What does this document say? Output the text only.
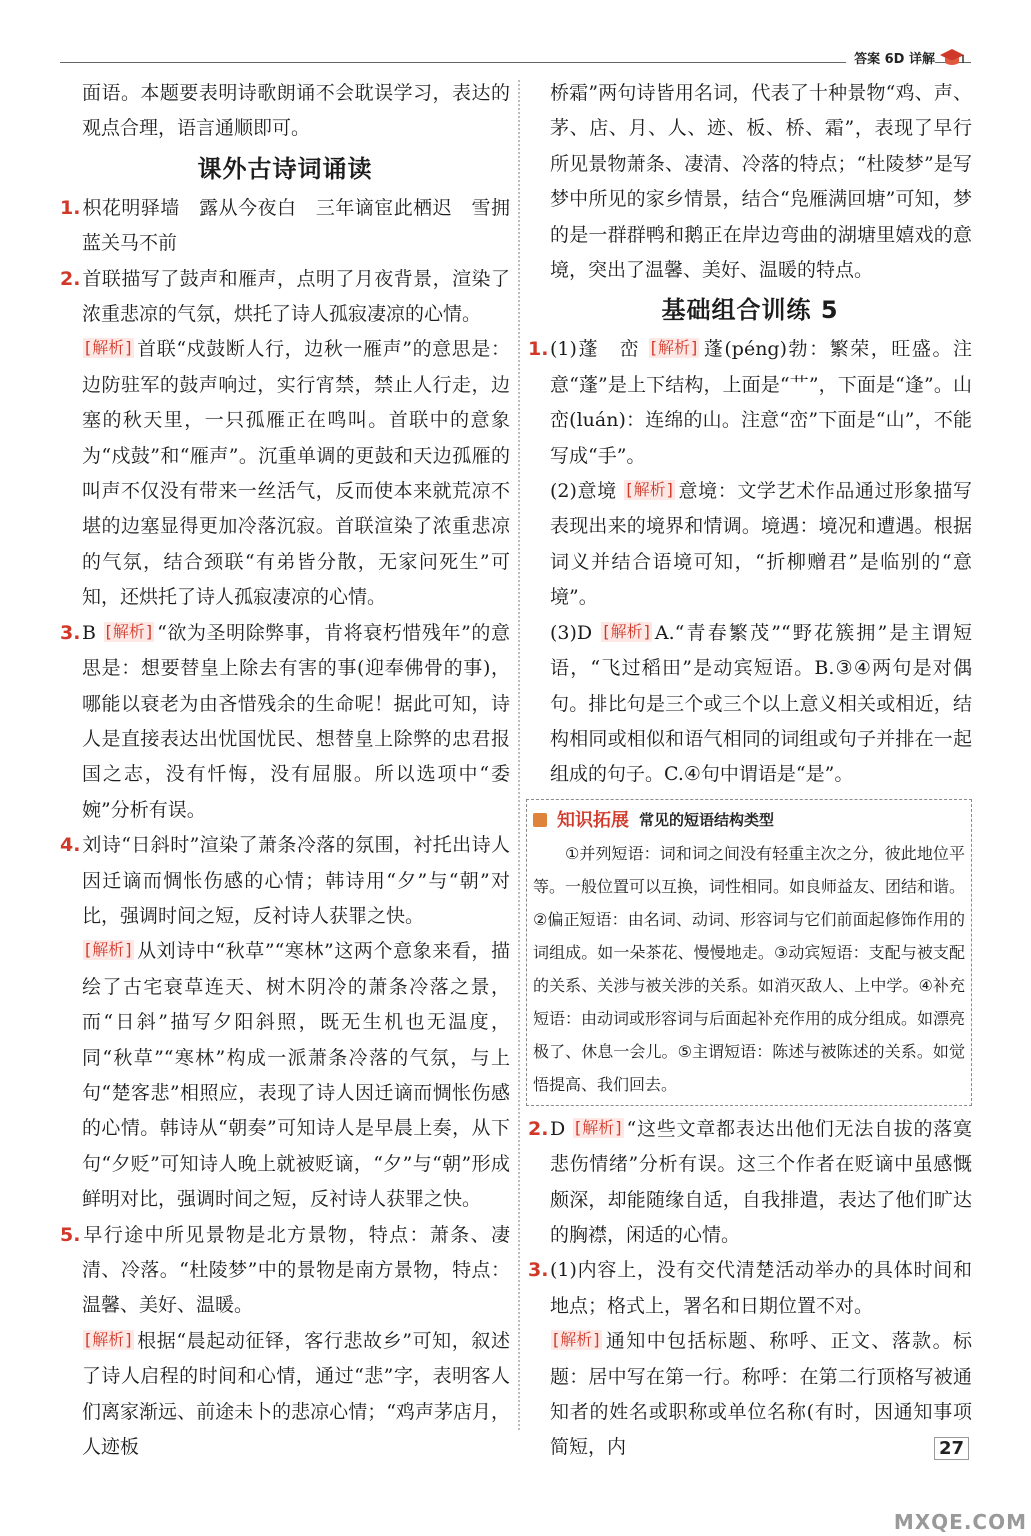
答案 6D 详解

面语。本题要表明诗歌朗诵不会耽误学习，表达的观点合理，语言通顺即可。

课外古诗词诵读

1.枳花明驿墙　露从今夜白　三年谪宦此栖迟　雪拥蓝关马不前

2.首联描写了鼓声和雁声，点明了月夜背景，渲染了浓重悲凉的气氛，烘托了诗人孤寂凄凉的心情。

[ 解析 ] 首联“戍鼓断人行，边秋一雁声”的意思是：边防驻军的鼓声响过，实行宵禁，禁止人行走，边塞的秋天里，一只孤雁正在鸣叫。首联中的意象为“戍鼓”和“雁声”。沉重单调的更鼓和天边孤雁的叫声不仅没有带来一丝活气，反而使本来就荒凉不堪的边塞显得更加冷落沉寂。首联渲染了浓重悲凉的气氛，结合颈联“有弟皆分散，无家问死生”可知，还烘托了诗人孤寂凄凉的心情。

3.B [ 解析 ] “欲为圣明除弊事，肯将衰朽惜残年”的意思是：想要替皇上除去有害的事(迎奉佛骨的事)，哪能以衰老为由吝惜残余的生命呢！据此可知，诗人是直接表达出忧国忧民、想替皇上除弊的忠君报国之志，没有忏悔，没有屈服。所以选项中“委婉”分析有误。

4.刘诗“日斜时”渲染了萧条冷落的氛围，衬托出诗人因迁谪而惆怅伤感的心情；韩诗用“夕”与“朝”对比，强调时间之短，反衬诗人获罪之快。

[ 解析 ] 从刘诗中“秋草”“寒林”这两个意象来看，描绘了古宅衰草连天、树木阴冷的萧条冷落之景，而“日斜”描写夕阳斜照，既无生机也无温度，同“秋草”“寒林”构成一派萧条冷落的气氛，与上句“楚客悲”相照应，表现了诗人因迁谪而惆怅伤感的心情。韩诗从“朝奏”可知诗人是早晨上奏，从下句“夕贬”可知诗人晚上就被贬谪，“夕”与“朝”形成鲜明对比，强调时间之短，反衬诗人获罪之快。

5.早行途中所见景物是北方景物，特点：萧条、凄清、冷落。“杜陵梦”中的景物是南方景物，特点：温馨、美好、温暖。

[ 解析 ] 根据“晨起动征铎，客行悲故乡”可知，叙述了诗人启程的时间和心情，通过“悲”字，表明客人们离家渐远、前途未卜的悲凉心情；“鸡声茅店月，人迹板

桥霜”两句诗皆用名词，代表了十种景物“鸡、声、茅、店、月、人、迹、板、桥、霜”，表现了早行所见景物萧条、凄清、冷落的特点；“杜陵梦”是写梦中所见的家乡情景，结合“凫雁满回塘”可知，梦的是一群群鸭和鹅正在岸边弯曲的湖塘里嬉戏的意境，突出了温馨、美好、温暖的特点。

基础组合训练 5

1.(1)蓬　峦 [ 解析 ] 蓬(péng)勃：繁荣，旺盛。注意“蓬”是上下结构，上面是“艹”，下面是“逢”。山峦(luán)：连绵的山。注意“峦”下面是“山”，不能写成“手”。

(2)意境 [ 解析 ] 意境：文学艺术作品通过形象描写表现出来的境界和情调。境遇：境况和遭遇。根据词义并结合语境可知，“折柳赠君”是临别的“意境”。

(3)D [ 解析 ] A.“青春繁茂”“野花簇拥”是主谓短语，“飞过稻田”是动宾短语。B.③④两句是对偶句。排比句是三个或三个以上意义相关或相近，结构相同或相似和语气相同的词组或句子并排在一起组成的句子。C.④句中谓语是“是”。

知识拓展 常见的短语结构类型

①并列短语：词和词之间没有轻重主次之分，彼此地位平等。一般位置可以互换，词性相同。如良师益友、团结和谐。②偏正短语：由名词、动词、形容词与它们前面起修饰作用的词组成。如一朵茶花、慢慢地走。③动宾短语：支配与被支配的关系、关涉与被关涉的关系。如消灭敌人、上中学。④补充短语：由动词或形容词与后面起补充作用的成分组成。如漂亮极了、休息一会儿。⑤主谓短语：陈述与被陈述的关系。如觉悟提高、我们回去。

2.D [ 解析 ] “这些文章都表达出他们无法自拔的落寞悲伤情绪”分析有误。这三个作者在贬谪中虽感慨颇深，却能随缘自适，自我排遣，表达了他们旷达的胸襟，闲适的心情。

3.(1)内容上，没有交代清楚活动举办的具体时间和地点；格式上，署名和日期位置不对。

[ 解析 ] 通知中包括标题、称呼、正文、落款。标题：居中写在第一行。称呼：在第二行顶格写被通知者的姓名或职称或单位名称(有时，因通知事项简短，内	27
MXQE.COM
